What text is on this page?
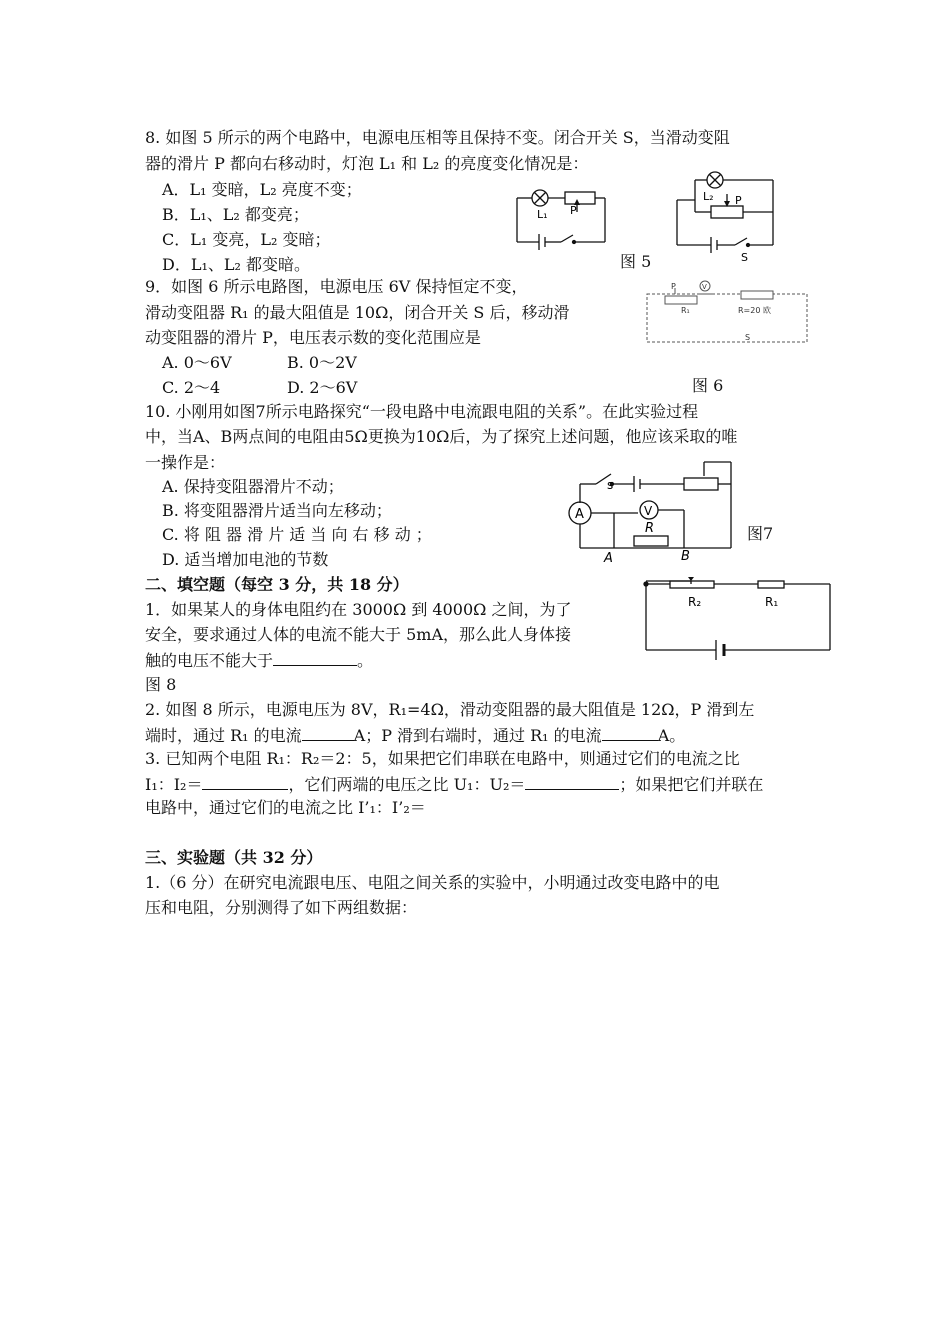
8. 如图 5 所示的两个电路中，电源电压相等且保持不变。闭合开关 S，当滑动变阻
器的滑片 P 都向右移动时，灯泡 L₁ 和 L₂ 的亮度变化情况是：
A．L₁ 变暗，L₂ 亮度不变；
B．L₁、L₂ 都变亮；
C．L₁ 变亮，L₂ 变暗；
D．L₁、L₂ 都变暗。
L₁ P
L₂ P
S
图 5
9．如图 6 所示电路图，电源电压 6V 保持恒定不变，
滑动变阻器 R₁ 的最大阻值是 10Ω，闭合开关 S 后，移动滑
动变阻器的滑片 P，电压表示数的变化范围应是
A. 0～6V	B. 0～2V
C. 2～4	D. 2～6V
P	V
R₁	R=20 欧
S
图 6
10. 小刚用如图7所示电路探究“一段电路中电流跟电阻的关系”。在此实验过程
中，当A、B两点间的电阻由5Ω更换为10Ω后，为了探究上述问题，他应该采取的唯
一操作是：
A. 保持变阻器滑片不动；
B. 将变阻器滑片适当向左移动；
C. 将 阻 器 滑 片 适 当 向 右 移 动 ；
D. 适当增加电池的节数
s
A	V
R
A	B
图7
二、填空题（每空 3 分，共 18 分）
1．如果某人的身体电阻约在 3000Ω 到 4000Ω 之间，为了
安全，要求通过人体的电流不能大于 5mA，那么此人身体接
触的电压不能大于	。
R₂	R₁
图 8
2. 如图 8 所示，电源电压为 8V，R₁=4Ω，滑动变阻器的最大阻值是 12Ω，P 滑到左
端时，通过 R₁ 的电流	A；P 滑到右端时，通过 R₁ 的电流	A。
3. 已知两个电阻 R₁：R₂＝2：5，如果把它们串联在电路中，则通过它们的电流之比
I₁：I₂＝	，它们两端的电压之比 U₁：U₂＝	；如果把它们并联在
电路中，通过它们的电流之比 I’₁：I’₂＝
三、实验题（共 32 分）
1.（6 分）在研究电流跟电压、电阻之间关系的实验中，小明通过改变电路中的电
压和电阻，分别测得了如下两组数据：
